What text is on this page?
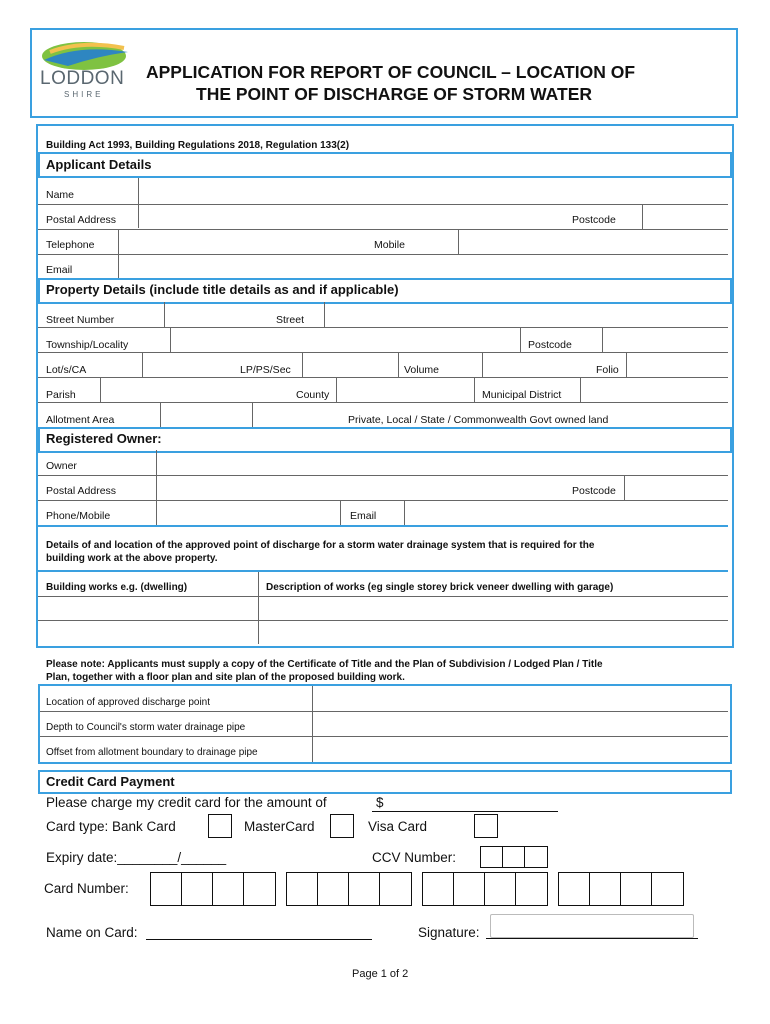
LODDON
SHIRE
APPLICATION FOR REPORT OF COUNCIL – LOCATION OF
THE POINT OF DISCHARGE OF STORM WATER
Building Act 1993, Building Regulations 2018, Regulation 133(2)
Applicant Details
Name
Postal Address	Postcode
Telephone	Mobile
Email
Property Details (include title details as and if applicable)
Street Number	Street
Township/Locality	Postcode
Lot/s/CA	LP/PS/Sec	Volume	Folio
Parish	County	Municipal District
Allotment Area	Private, Local / State / Commonwealth Govt owned land
Registered Owner:
Owner
Postal Address	Postcode
Phone/Mobile	Email
Details of and location of the approved point of discharge for a storm water drainage system that is required for the
building work at the above property.
Building works e.g. (dwelling)	Description of works (eg single storey brick veneer dwelling with garage)
Please note: Applicants must supply a copy of the Certificate of Title and the Plan of Subdivision / Lodged Plan / Title
Plan, together with a floor plan and site plan of the proposed building work.
Location of approved discharge point
Depth to Council's storm water drainage pipe
Offset from allotment boundary to drainage pipe
Credit Card Payment
Please charge my credit card for the amount of	$
Card type: Bank Card	MasterCard	Visa Card
Expiry date:________/______	CCV Number:
Card Number:
Name on Card:	Signature:
Page 1 of 2
